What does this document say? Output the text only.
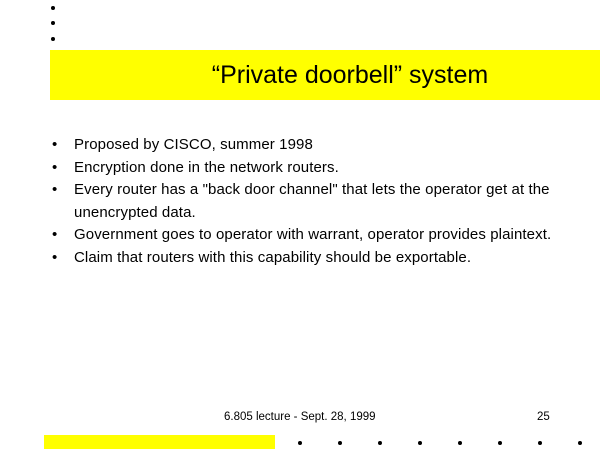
“Private doorbell” system
•	Proposed by CISCO, summer 1998
•	Encryption done in the network routers.
•	Every router has a "back door channel" that lets the operator get at the unencrypted data.
•	Government goes to operator with warrant, operator provides plaintext.
•	Claim that routers with this capability should be exportable.
6.805 lecture - Sept. 28, 1999	25
